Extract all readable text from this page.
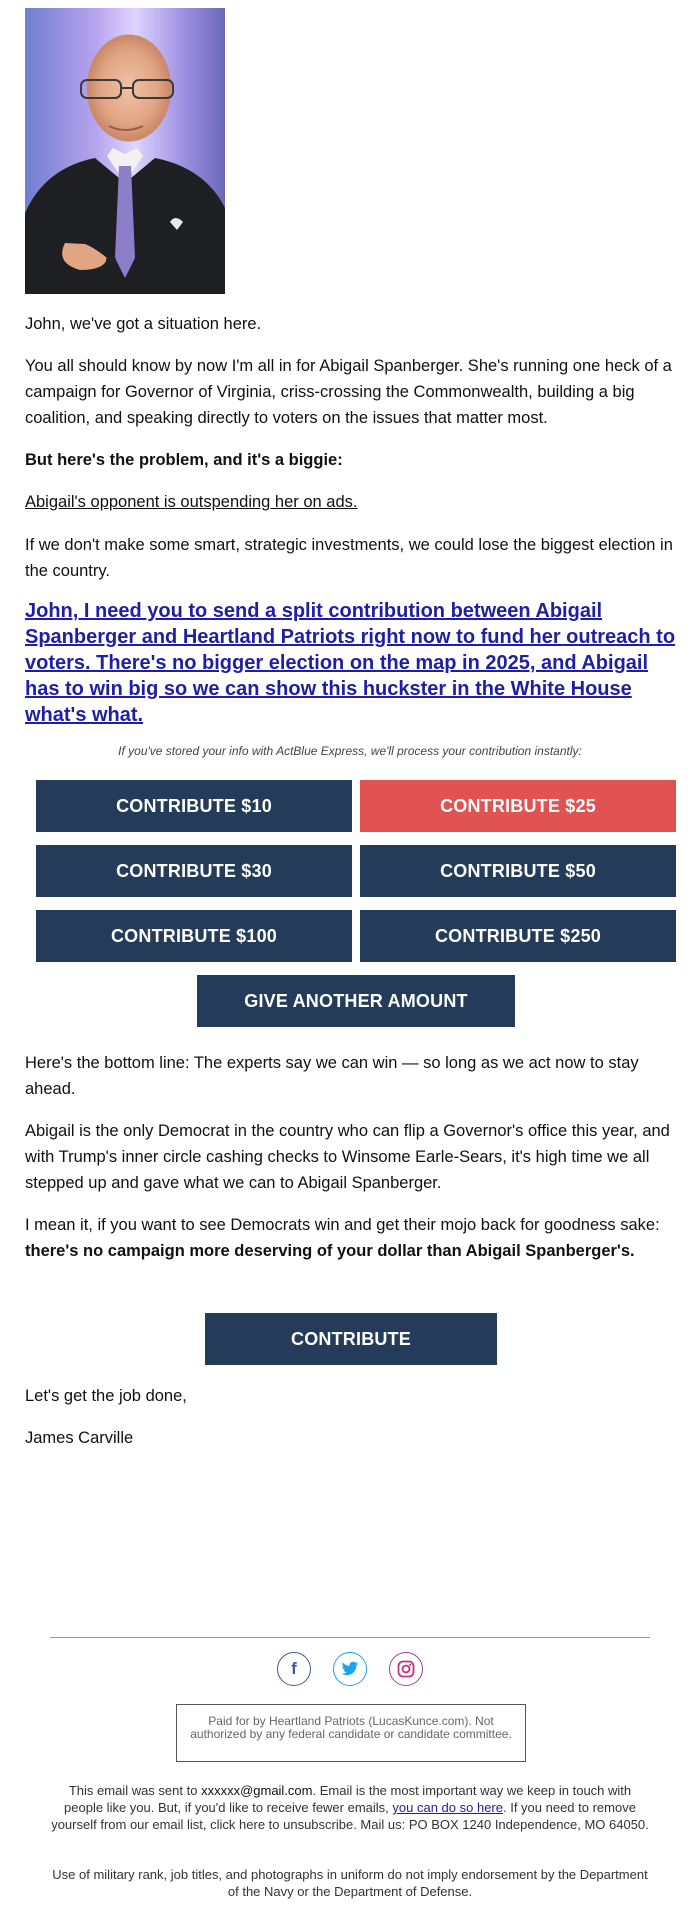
John, we've got a situation here.

You all should know by now I'm all in for Abigail Spanberger. She's running one heck of a campaign for Governor of Virginia, criss-crossing the Commonwealth, building a big coalition, and speaking directly to voters on the issues that matter most.

But here's the problem, and it's a biggie:

Abigail's opponent is outspending her on ads.

If we don't make some smart, strategic investments, we could lose the biggest election in the country.

John, I need you to send a split contribution between Abigail Spanberger and Heartland Patriots right now to fund her outreach to voters. There's no bigger election on the map in 2025, and Abigail has to win big so we can show this huckster in the White House what's what.

If you've stored your info with ActBlue Express, we'll process your contribution instantly:
CONTRIBUTE $10	CONTRIBUTE $25
CONTRIBUTE $30	CONTRIBUTE $50
CONTRIBUTE $100	CONTRIBUTE $250
GIVE ANOTHER AMOUNT

Here's the bottom line: The experts say we can win — so long as we act now to stay ahead.

Abigail is the only Democrat in the country who can flip a Governor's office this year, and with Trump's inner circle cashing checks to Winsome Earle-Sears, it's high time we all stepped up and gave what we can to Abigail Spanberger.

I mean it, if you want to see Democrats win and get their mojo back for goodness sake: there's no campaign more deserving of your dollar than Abigail Spanberger's.

CONTRIBUTE

Let's get the job done,

James Carville

f
Paid for by Heartland Patriots (LucasKunce.com). Not authorized by any federal candidate or candidate committee.
This email was sent to xxxxxx@gmail.com. Email is the most important way we keep in touch with people like you. But, if you'd like to receive fewer emails, you can do so here. If you need to remove yourself from our email list, click here to unsubscribe. Mail us: PO BOX 1240 Independence, MO 64050.
Use of military rank, job titles, and photographs in uniform do not imply endorsement by the Department of the Navy or the Department of Defense.
